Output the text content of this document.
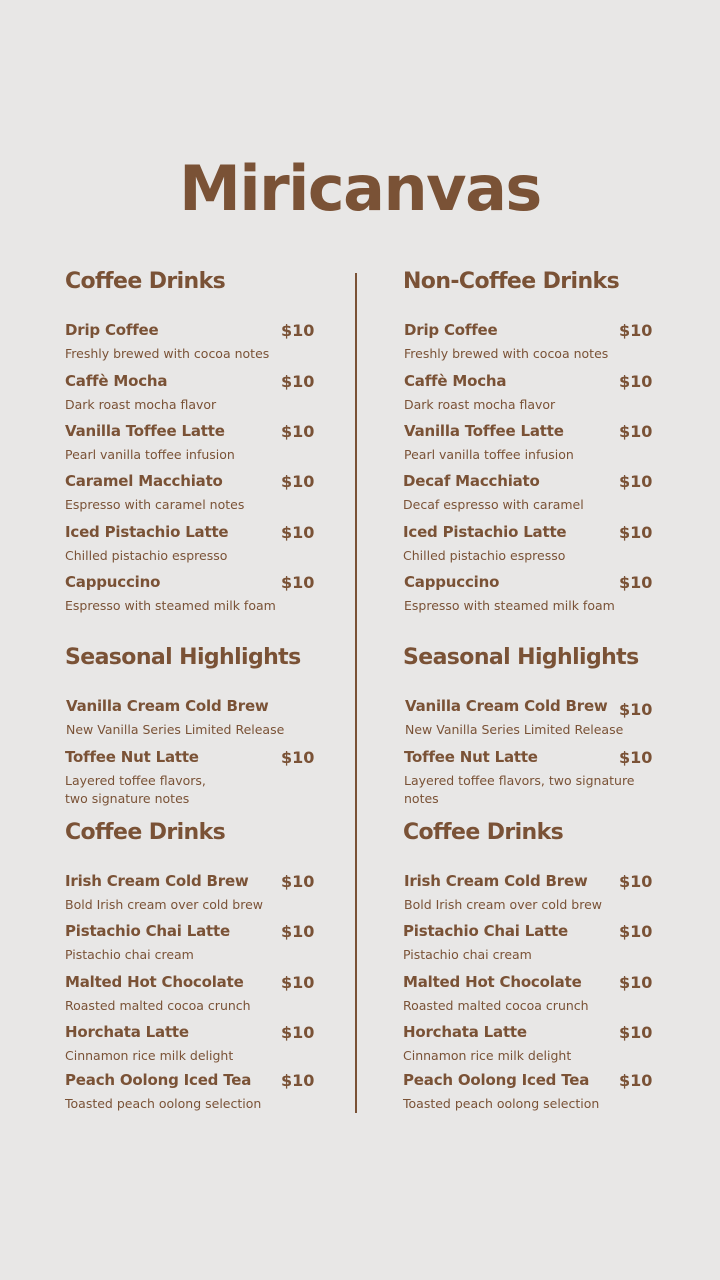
Miricanvas
Coffee Drinks
Drip Coffee	$10
Freshly brewed with cocoa notes
Caffè Mocha	$10
Dark roast mocha flavor
Vanilla Toffee Latte	$10
Pearl vanilla toffee infusion
Caramel Macchiato	$10
Espresso with caramel notes
Iced Pistachio Latte	$10
Chilled pistachio espresso
Cappuccino	$10
Espresso with steamed milk foam
Seasonal Highlights
Vanilla Cream Cold Brew
New Vanilla Series Limited Release
Toffee Nut Latte	$10
Layered toffee flavors,
two signature notes
Coffee Drinks
Irish Cream Cold Brew $10
Bold Irish cream over cold brew
Pistachio Chai Latte	$10
Pistachio chai cream
Malted Hot Chocolate $10
Roasted malted cocoa crunch
Horchata Latte	$10
Cinnamon rice milk delight
Peach Oolong Iced Tea $10
Toasted peach oolong selection
Non-Coffee Drinks
Drip Coffee	$10
Freshly brewed with cocoa notes
Caffè Mocha	$10
Dark roast mocha flavor
Vanilla Toffee Latte	$10
Pearl vanilla toffee infusion
Decaf Macchiato	$10
Decaf espresso with caramel
Iced Pistachio Latte	$10
Chilled pistachio espresso
Cappuccino	$10
Espresso with steamed milk foam
Seasonal Highlights
Vanilla Cream Cold Brew $10
New Vanilla Series Limited Release
Toffee Nut Latte	$10
Layered toffee flavors, two signature
notes
Coffee Drinks
Irish Cream Cold Brew $10
Bold Irish cream over cold brew
Pistachio Chai Latte	$10
Pistachio chai cream
Malted Hot Chocolate $10
Roasted malted cocoa crunch
Horchata Latte	$10
Cinnamon rice milk delight
Peach Oolong Iced Tea $10
Toasted peach oolong selection
